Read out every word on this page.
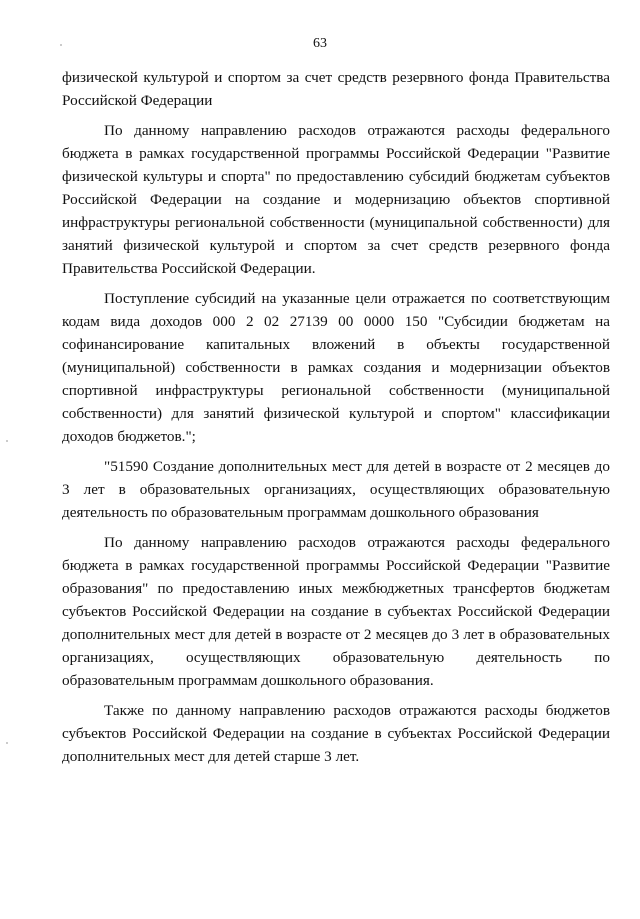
63

физической культурой и спортом за счет средств резервного фонда Правительства Российской Федерации

По данному направлению расходов отражаются расходы федерального бюджета в рамках государственной программы Российской Федерации "Развитие физической культуры и спорта" по предоставлению субсидий бюджетам субъектов Российской Федерации на создание и модернизацию объектов спортивной инфраструктуры региональной собственности (муниципальной собственности) для занятий физической культурой и спортом за счет средств резервного фонда Правительства Российской Федерации.

Поступление субсидий на указанные цели отражается по соответствующим кодам вида доходов 000 2 02 27139 00 0000 150 "Субсидии бюджетам на софинансирование капитальных вложений в объекты государственной (муниципальной) собственности в рамках создания и модернизации объектов спортивной инфраструктуры региональной собственности (муниципальной собственности) для занятий физической культурой и спортом" классификации доходов бюджетов.";

"51590 Создание дополнительных мест для детей в возрасте от 2 месяцев до 3 лет в образовательных организациях, осуществляющих образовательную деятельность по образовательным программам дошкольного образования

По данному направлению расходов отражаются расходы федерального бюджета в рамках государственной программы Российской Федерации "Развитие образования" по предоставлению иных межбюджетных трансфертов бюджетам субъектов Российской Федерации на создание в субъектах Российской Федерации дополнительных мест для детей в возрасте от 2 месяцев до 3 лет в образовательных организациях, осуществляющих образовательную деятельность по образовательным программам дошкольного образования.

Также по данному направлению расходов отражаются расходы бюджетов субъектов Российской Федерации на создание в субъектах Российской Федерации дополнительных мест для детей старше 3 лет.
